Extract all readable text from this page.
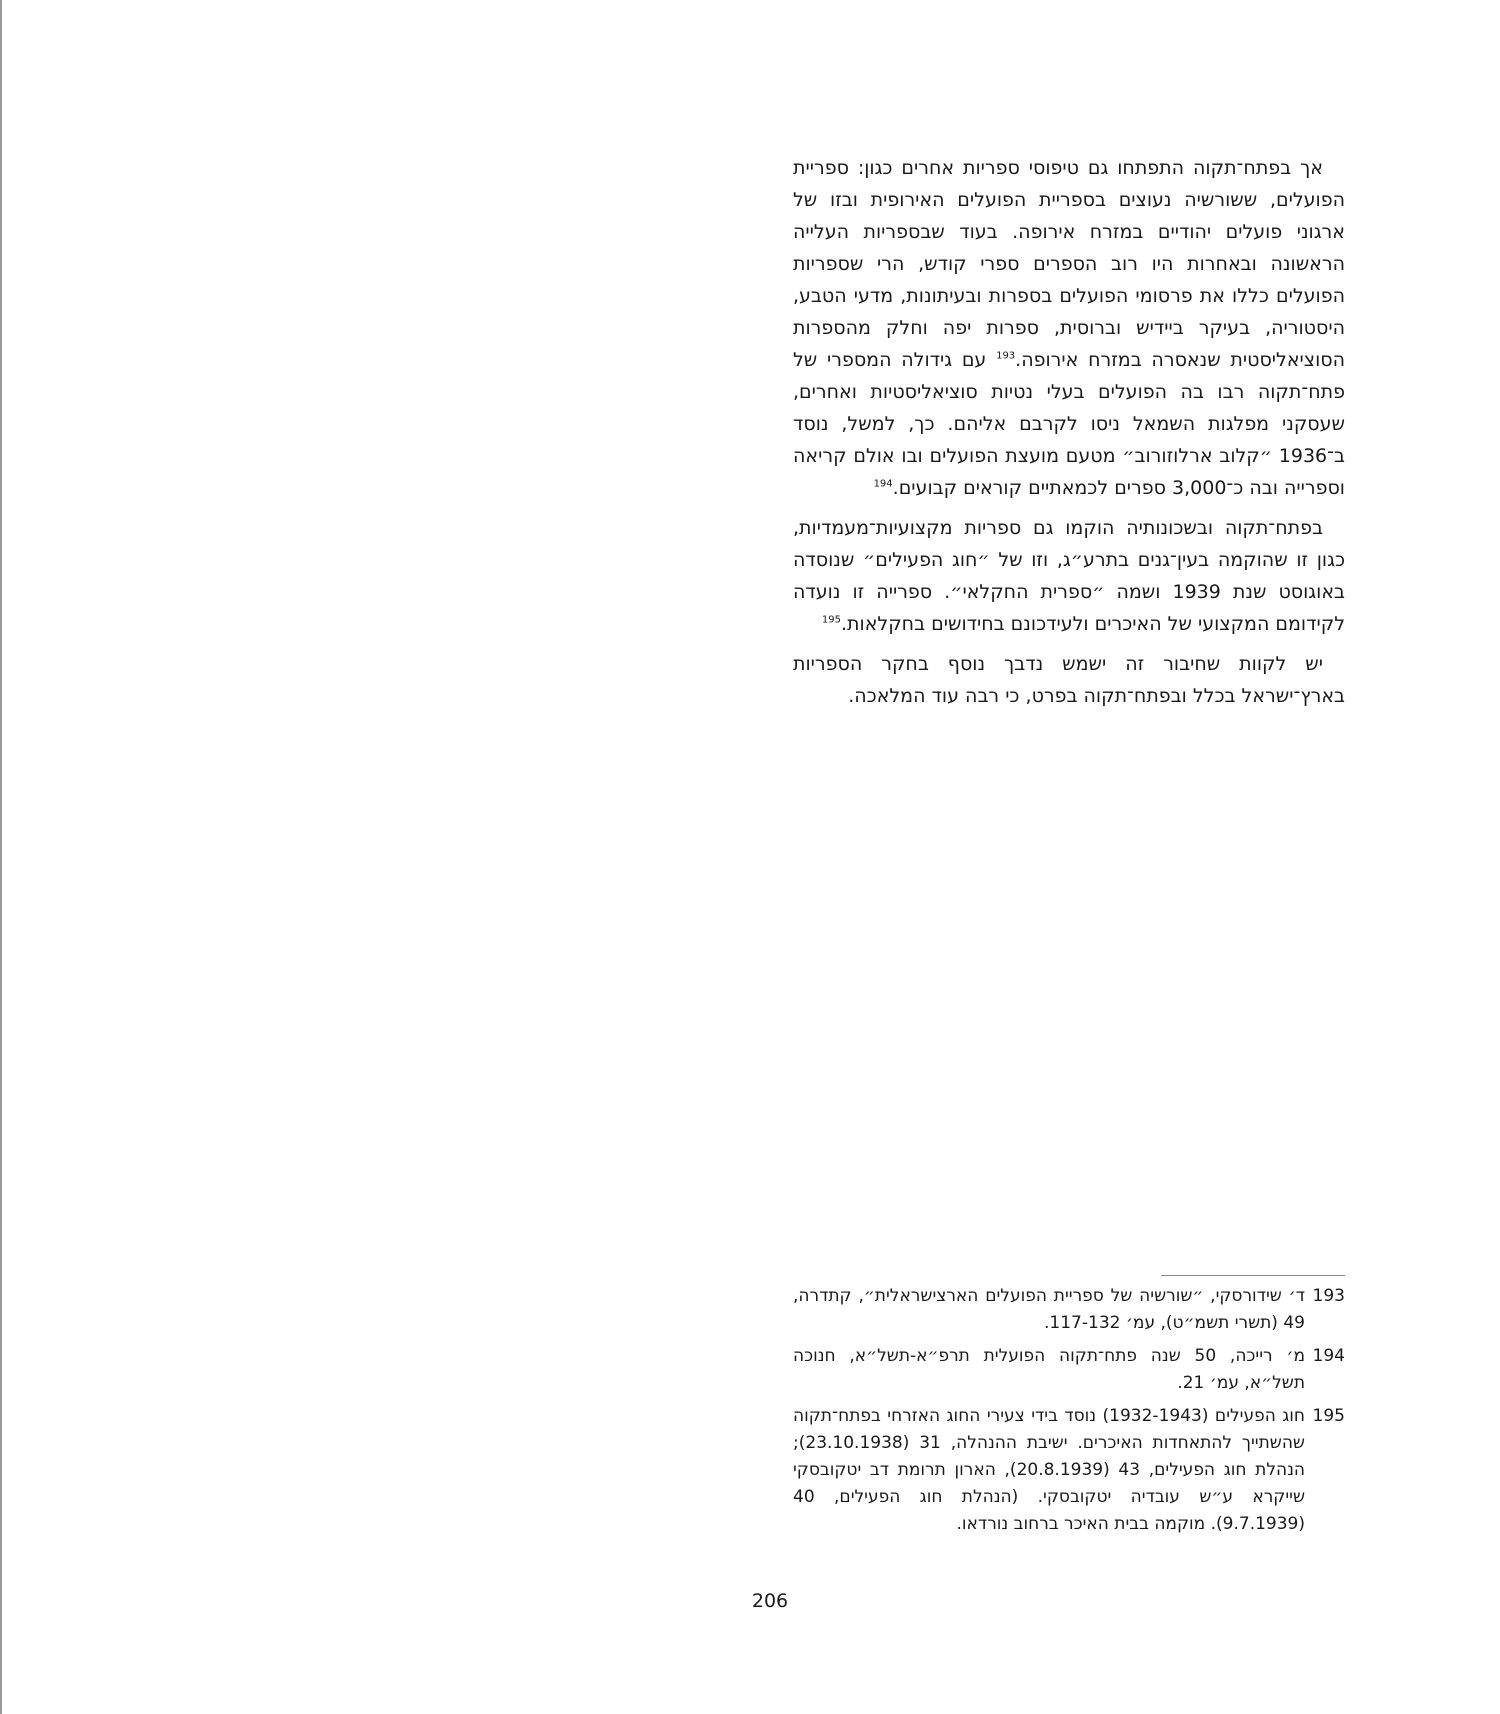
אך בפתח־תקוה התפתחו גם טיפוסי ספריות אחרים כגון: ספריית הפועלים, ששורשיה נעוצים בספריית הפועלים האירופית ובזו של ארגוני פועלים יהודיים במזרח אירופה. בעוד שבספריות העלייה הראשונה ובאחרות היו רוב הספרים ספרי קודש, הרי שספריות הפועלים כללו את פרסומי הפועלים בספרות ובעיתונות, מדעי הטבע, היסטוריה, בעיקר ביידיש וברוסית, ספרות יפה וחלק מהספרות הסוציאליסטית שנאסרה במזרח אירופה.$^{193}$ עם גידולה המספרי של פתח־תקוה רבו בה הפועלים בעלי נטיות סוציאליסטיות ואחרים, שעסקני מפלגות השמאל ניסו לקרבם אליהם. כך, למשל, נוסד ב־1936 ״קלוב ארלוזורוב״ מטעם מועצת הפועלים ובו אולם קריאה וספרייה ובה כ־3,000 ספרים לכמאתיים קוראים קבועים.$^{194}$

בפתח־תקוה ובשכונותיה הוקמו גם ספריות מקצועיות־מעמדיות, כגון זו שהוקמה בעין־גנים בתרע״ג, וזו של ״חוג הפעילים״ שנוסדה באוגוסט שנת 1939 ושמה ״ספרית החקלאי״. ספרייה זו נועדה לקידומם המקצועי של האיכרים ולעידכונם בחידושים בחקלאות.$^{195}$

יש לקוות שחיבור זה ישמש נדבך נוסף בחקר הספריות בארץ־ישראל בכלל ובפתח־תקוה בפרט, כי רבה עוד המלאכה.

193
ד׳ שידורסקי, ״שורשיה של ספריית הפועלים הארצישראלית״, קתדרה, 49 (תשרי תשמ״ט), עמ׳ 117-132.
194
מ׳ רייכה, 50 שנה פתח־תקוה הפועלית תרפ״א-תשל״א, חנוכה תשל״א, עמ׳ 21.
195
חוג הפעילים (1932-1943) נוסד בידי צעירי החוג האזרחי בפתח־תקוה שהשתייך להתאחדות האיכרים. ישיבת ההנהלה, 31 (23.10.1938); הנהלת חוג הפעילים, 43 (20.8.1939), הארון תרומת דב יטקובסקי שייקרא ע״ש עובדיה יטקובסקי. (הנהלת חוג הפעילים, 40 (9.7.1939). מוקמה בבית האיכר ברחוב נורדאו.
206
